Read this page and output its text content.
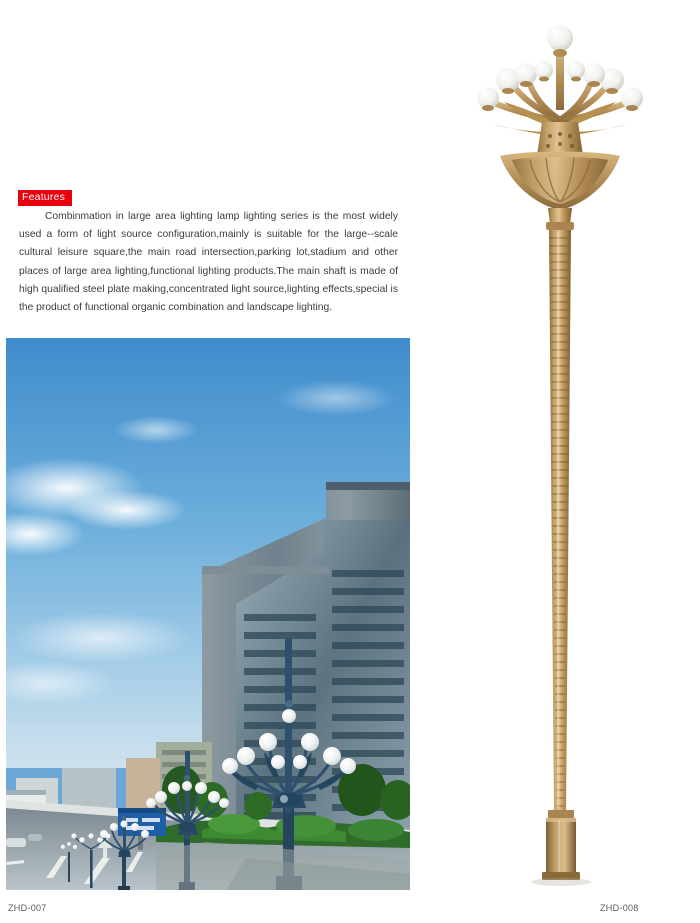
Features
Combinmation in large area lighting lamp lighting series is the most widely used a form of light source configuration,mainly is suitable for the large--scale cultural leisure square,the main road intersection,parking lot,stadium and other places of large area lighting,functional lighting products.The main shaft is made of high qualified steel plate making,concentrated light source,lighting effects,special is the product of functional organic combination and landscape lighting.
ZHD-007	ZHD-008
